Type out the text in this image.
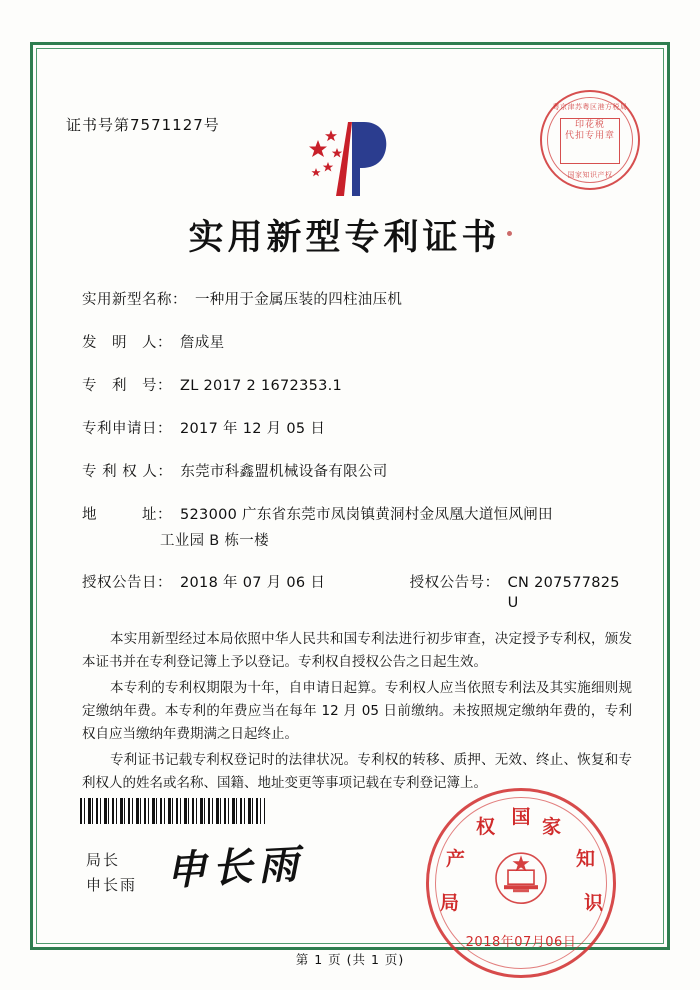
证书号第7571127号
粤京津苏粤区港方税局
印花税
代扣专用章
国家知识产权
实用新型专利证书
实用新型名称： 一种用于金属压装的四柱油压机
发　明　人： 詹成星
专　利　号： ZL 2017 2 1672353.1
专利申请日： 2017 年 12 月 05 日
专 利 权 人： 东莞市科鑫盟机械设备有限公司
地　　　址： 523000 广东省东莞市凤岗镇黄洞村金凤凰大道恒风闸田
工业园 B 栋一楼
授权公告日： 2018 年 07 月 06 日	授权公告号： CN 207577825 U

本实用新型经过本局依照中华人民共和国专利法进行初步审查，决定授予专利权，颁发本证书并在专利登记簿上予以登记。专利权自授权公告之日起生效。

本专利的专利权期限为十年，自申请日起算。专利权人应当依照专利法及其实施细则规定缴纳年费。本专利的年费应当在每年 12 月 05 日前缴纳。未按照规定缴纳年费的，专利权自应当缴纳年费期满之日起终止。

专利证书记载专利权登记时的法律状况。专利权的转移、质押、无效、终止、恢复和专利权人的姓名或名称、国籍、地址变更等事项记载在专利登记簿上。

局长
申长雨 申长雨
国 家
知
识
产
权
局
2018年07月06日
第 1 页 (共 1 页)
